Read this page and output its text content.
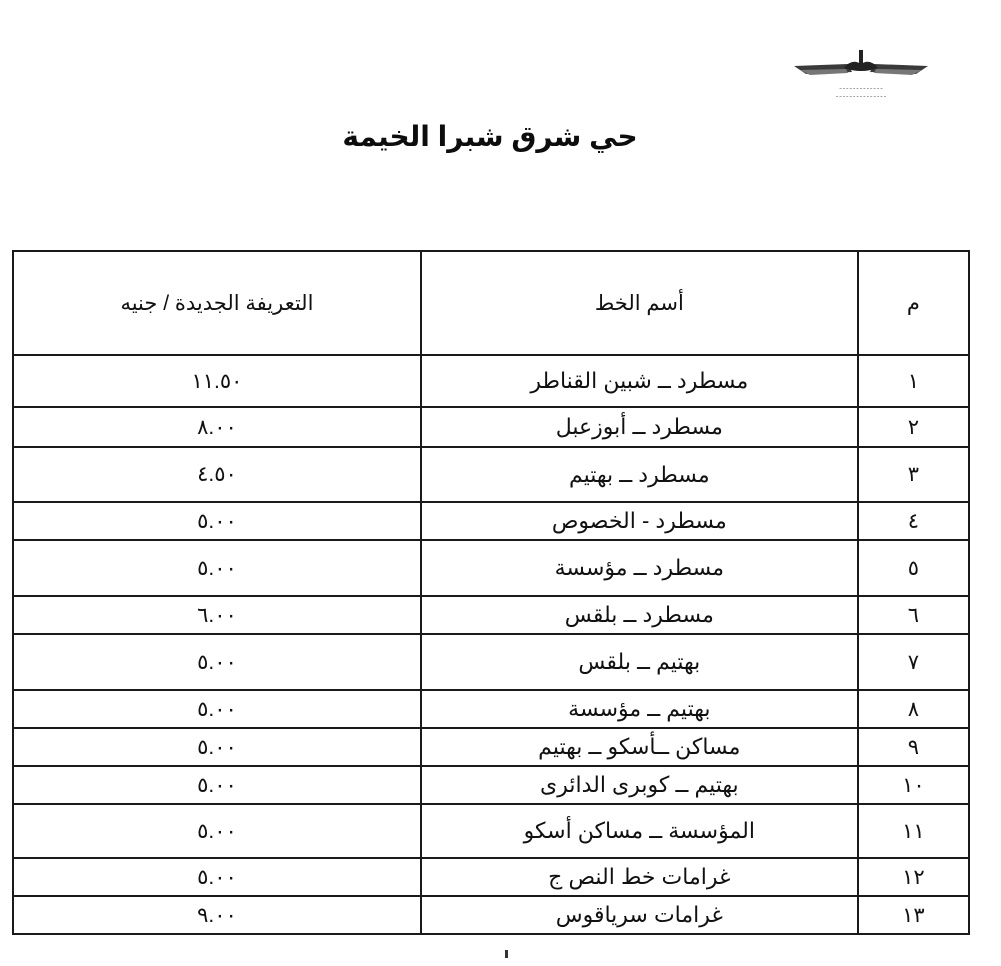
ـ ـ ـ ـ ـ ـ ـ ـ ـ ـ ـ ـ ـ
ـ ـ ـ ـ ـ ـ ـ ـ ـ ـ ـ ـ ـ ـ ـ
حي شرق شبرا الخيمة
م	أسم الخط	التعريفة الجديدة / جنيه
١	مسطرد ــ شبين القناطر	١١.٥٠
٢	مسطرد ــ أبوزعبل	٨.٠٠
٣	مسطرد ــ بهتيم	٤.٥٠
٤	مسطرد - الخصوص	٥.٠٠
٥	مسطرد ــ مؤسسة	٥.٠٠
٦	مسطرد ــ بلقس	٦.٠٠
٧	بهتيم ــ بلقس	٥.٠٠
٨	بهتيم ــ مؤسسة	٥.٠٠
٩	مساكن ــأسكو ــ بهتيم	٥.٠٠
١٠	بهتيم ــ كوبرى الدائرى	٥.٠٠
١١	المؤسسة ــ مساكن أسكو	٥.٠٠
١٢	غرامات خط النص ج	٥.٠٠
١٣	غرامات سرياقوس	٩.٠٠
